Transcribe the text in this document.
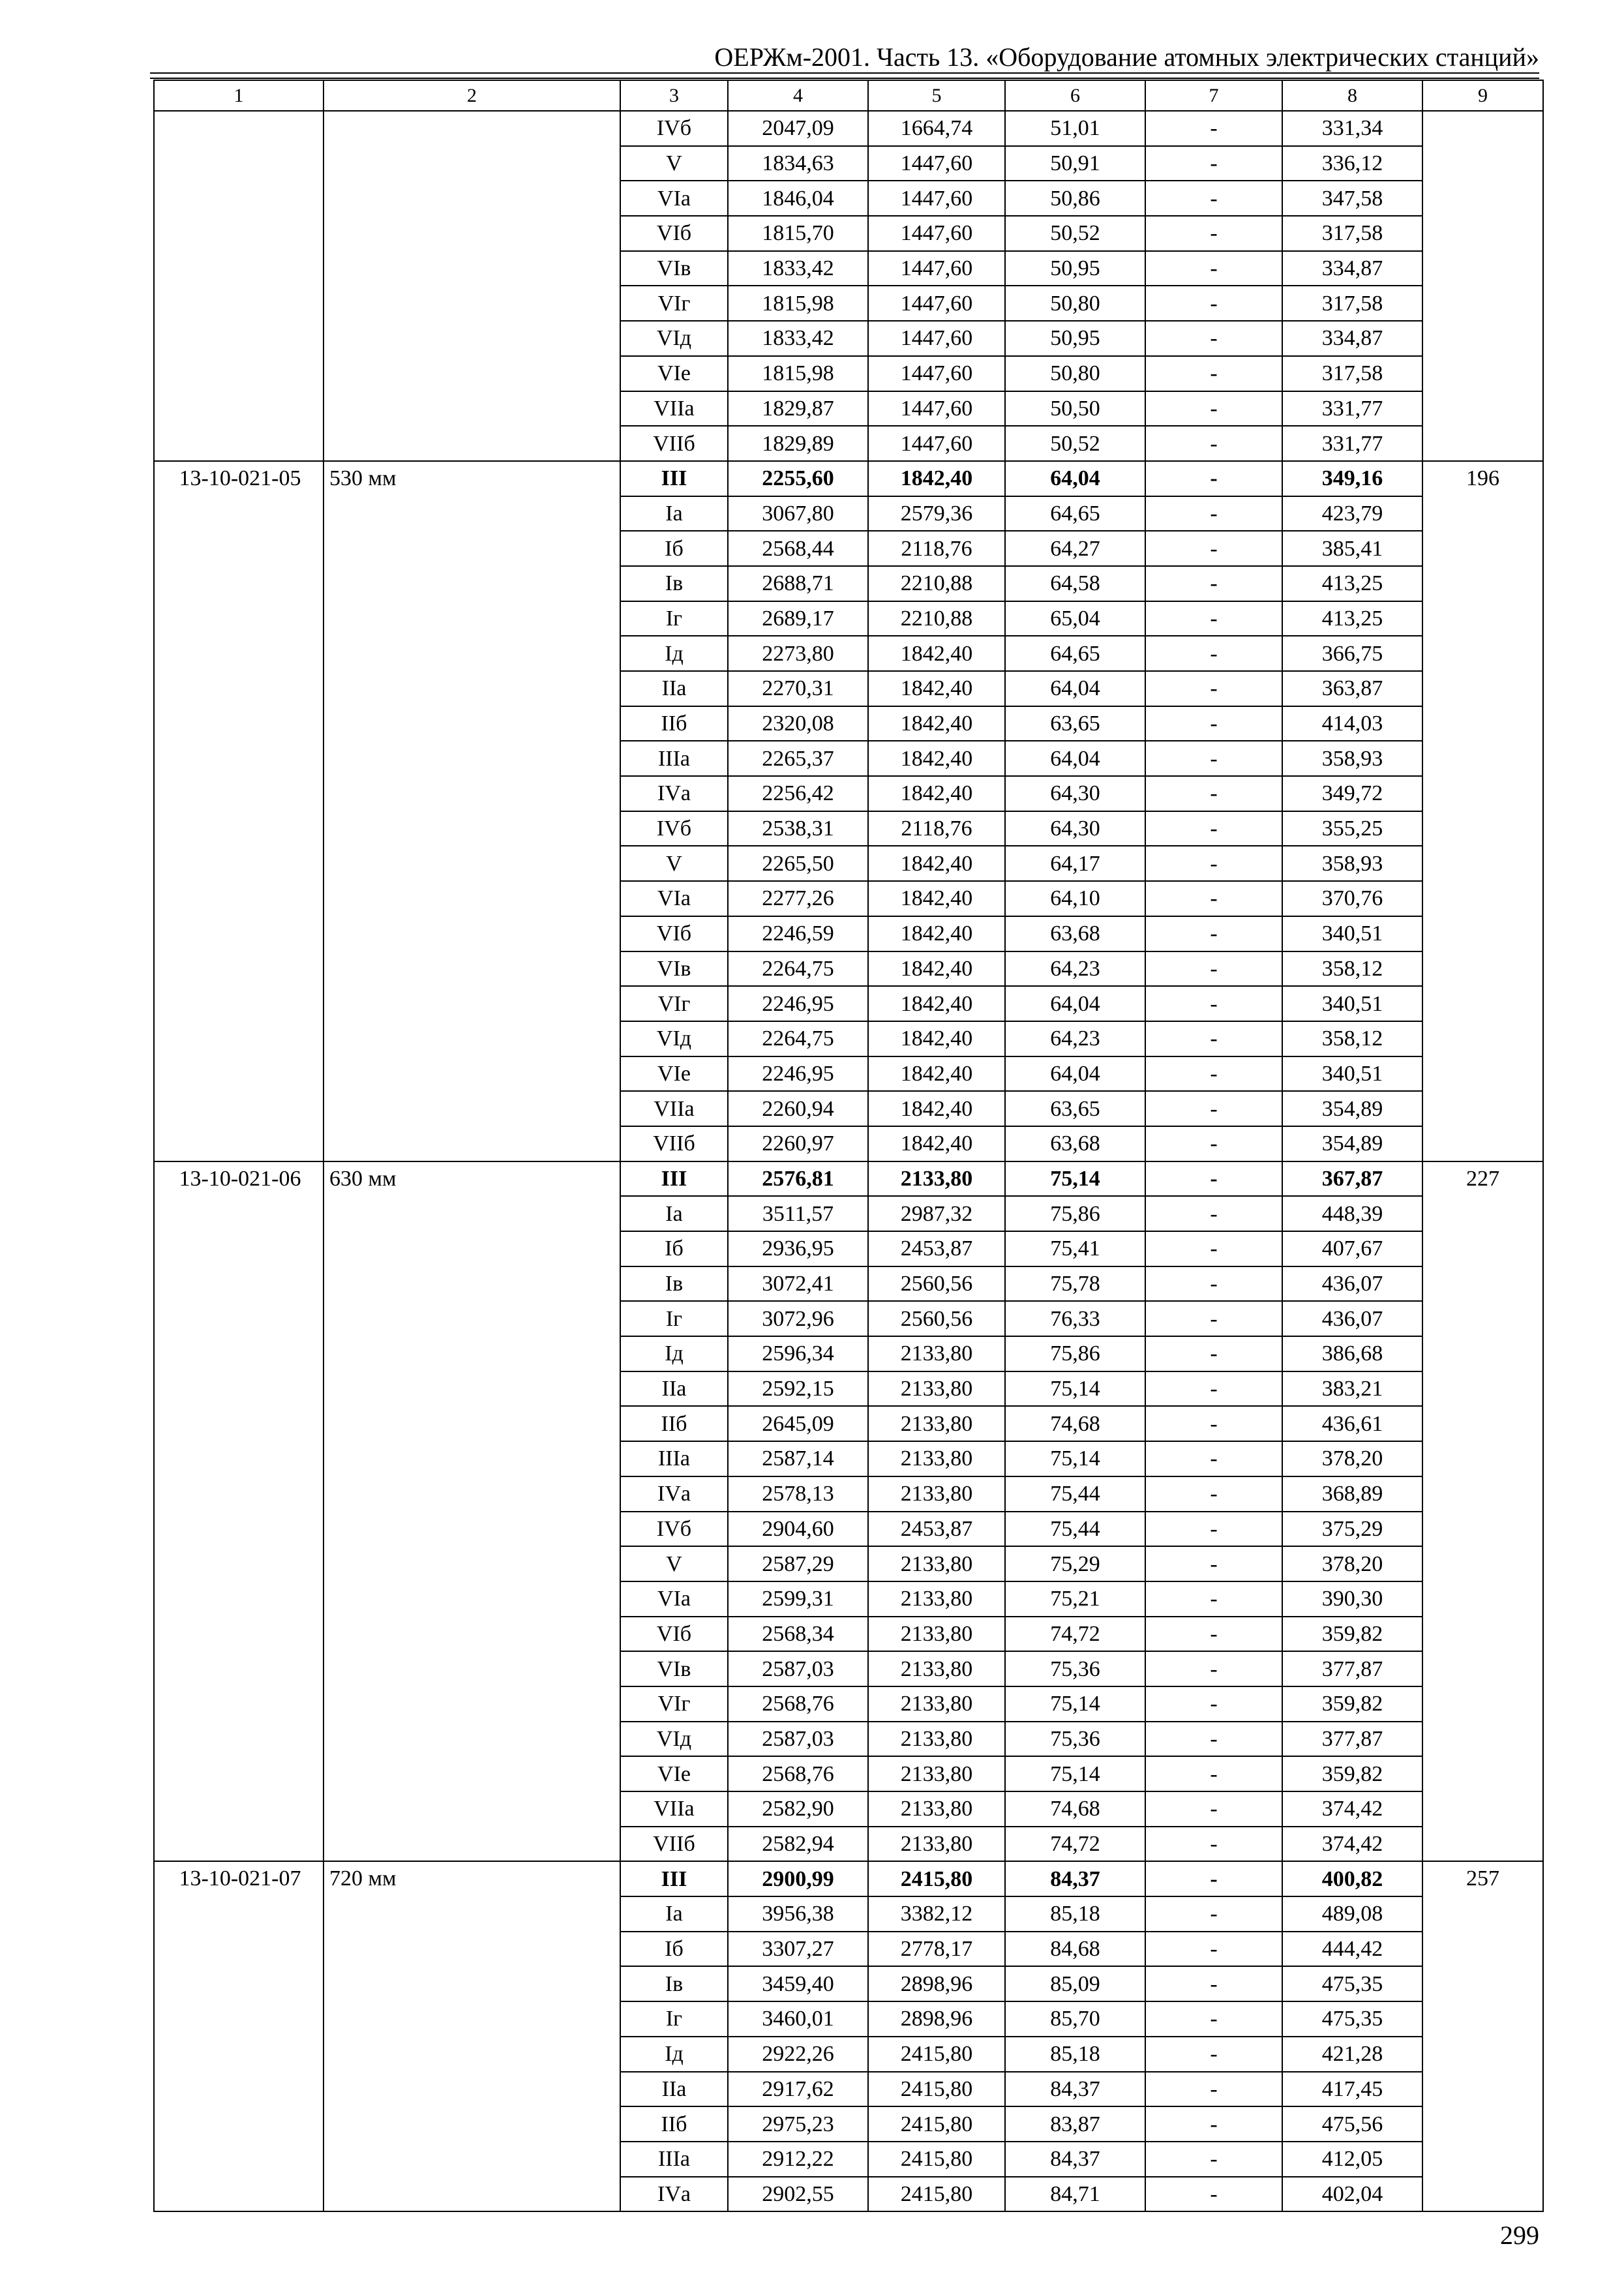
ОЕРЖм-2001. Часть 13. «Оборудование атомных электрических станций»
1	2	3	4	5	6	7	8	9
		IVб	2047,09	1664,74	51,01	-	331,34	
		V	1834,63	1447,60	50,91	-	336,12	
		VIа	1846,04	1447,60	50,86	-	347,58	
		VIб	1815,70	1447,60	50,52	-	317,58	
		VIв	1833,42	1447,60	50,95	-	334,87	
		VIг	1815,98	1447,60	50,80	-	317,58	
		VIд	1833,42	1447,60	50,95	-	334,87	
		VIе	1815,98	1447,60	50,80	-	317,58	
		VIIа	1829,87	1447,60	50,50	-	331,77	
		VIIб	1829,89	1447,60	50,52	-	331,77	
13-10-021-05	530 мм	III	2255,60	1842,40	64,04	-	349,16	196
		Iа	3067,80	2579,36	64,65	-	423,79	
		Iб	2568,44	2118,76	64,27	-	385,41	
		Iв	2688,71	2210,88	64,58	-	413,25	
		Iг	2689,17	2210,88	65,04	-	413,25	
		Iд	2273,80	1842,40	64,65	-	366,75	
		IIа	2270,31	1842,40	64,04	-	363,87	
		IIб	2320,08	1842,40	63,65	-	414,03	
		IIIа	2265,37	1842,40	64,04	-	358,93	
		IVа	2256,42	1842,40	64,30	-	349,72	
		IVб	2538,31	2118,76	64,30	-	355,25	
		V	2265,50	1842,40	64,17	-	358,93	
		VIа	2277,26	1842,40	64,10	-	370,76	
		VIб	2246,59	1842,40	63,68	-	340,51	
		VIв	2264,75	1842,40	64,23	-	358,12	
		VIг	2246,95	1842,40	64,04	-	340,51	
		VIд	2264,75	1842,40	64,23	-	358,12	
		VIе	2246,95	1842,40	64,04	-	340,51	
		VIIа	2260,94	1842,40	63,65	-	354,89	
		VIIб	2260,97	1842,40	63,68	-	354,89	
13-10-021-06	630 мм	III	2576,81	2133,80	75,14	-	367,87	227
		Iа	3511,57	2987,32	75,86	-	448,39	
		Iб	2936,95	2453,87	75,41	-	407,67	
		Iв	3072,41	2560,56	75,78	-	436,07	
		Iг	3072,96	2560,56	76,33	-	436,07	
		Iд	2596,34	2133,80	75,86	-	386,68	
		IIа	2592,15	2133,80	75,14	-	383,21	
		IIб	2645,09	2133,80	74,68	-	436,61	
		IIIа	2587,14	2133,80	75,14	-	378,20	
		IVа	2578,13	2133,80	75,44	-	368,89	
		IVб	2904,60	2453,87	75,44	-	375,29	
		V	2587,29	2133,80	75,29	-	378,20	
		VIа	2599,31	2133,80	75,21	-	390,30	
		VIб	2568,34	2133,80	74,72	-	359,82	
		VIв	2587,03	2133,80	75,36	-	377,87	
		VIг	2568,76	2133,80	75,14	-	359,82	
		VIд	2587,03	2133,80	75,36	-	377,87	
		VIе	2568,76	2133,80	75,14	-	359,82	
		VIIа	2582,90	2133,80	74,68	-	374,42	
		VIIб	2582,94	2133,80	74,72	-	374,42	
13-10-021-07	720 мм	III	2900,99	2415,80	84,37	-	400,82	257
		Iа	3956,38	3382,12	85,18	-	489,08	
		Iб	3307,27	2778,17	84,68	-	444,42	
		Iв	3459,40	2898,96	85,09	-	475,35	
		Iг	3460,01	2898,96	85,70	-	475,35	
		Iд	2922,26	2415,80	85,18	-	421,28	
		IIа	2917,62	2415,80	84,37	-	417,45	
		IIб	2975,23	2415,80	83,87	-	475,56	
		IIIа	2912,22	2415,80	84,37	-	412,05	
		IVа	2902,55	2415,80	84,71	-	402,04	
299
